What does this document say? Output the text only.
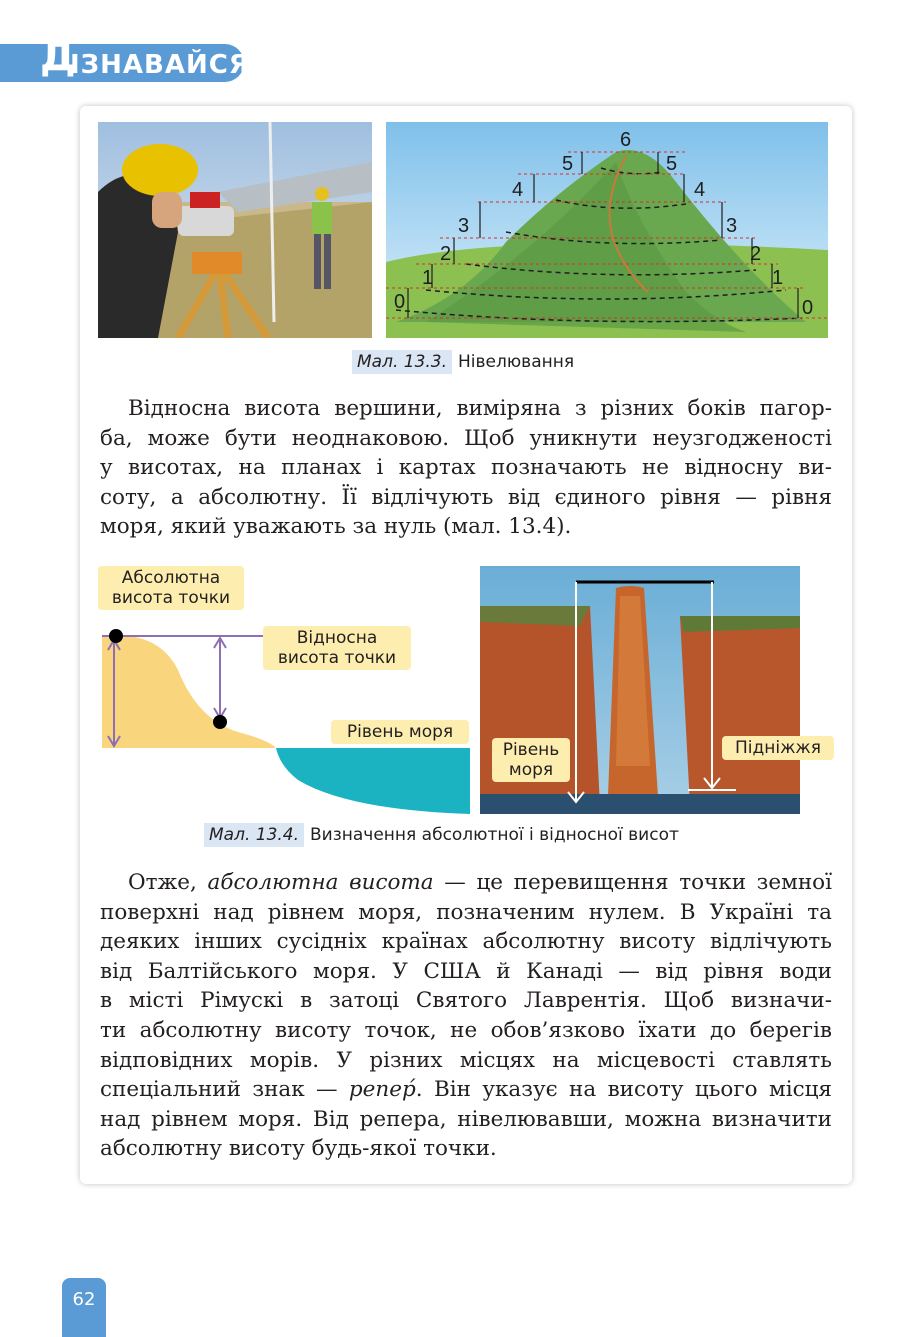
Д
ІЗНАВАЙСЯ
6
5	5
4	4
3	3
2	2
1	1
0	0
Мал. 13.3. Нівелювання
Відносна висота вершини, виміряна з різних боків пагор-
ба, може бути неоднаковою. Щоб уникнути неузгодженості
у висотах, на планах і картах позначають не відносну ви-
соту, а абсолютну. Її відлічують від єдиного рівня — рівня
моря, який уважають за нуль (мал. 13.4).
Абсолютна
висота точки
Відносна
висота точки
Рівень моря
Рівень
моря
Підніжжя
Мал. 13.4. Визначення абсолютної і відносної висот
Отже, абсолютна висота — це перевищення точки земної
поверхні над рівнем моря, позначеним нулем. В Україні та
деяких інших сусідніх країнах абсолютну висоту відлічують
від Балтійського моря. У США й Канаді — від рівня води
в місті Рімускі в затоці Святого Лаврентія. Щоб визначи-
ти абсолютну висоту точок, не обов’язково їхати до берегів
відповідних морів. У різних місцях на місцевості ставлять
спеціальний знак — репер́. Він указує на висоту цього місця
над рівнем моря. Від репера, нівелювавши, можна визначити
абсолютну висоту будь-якої точки.
62
